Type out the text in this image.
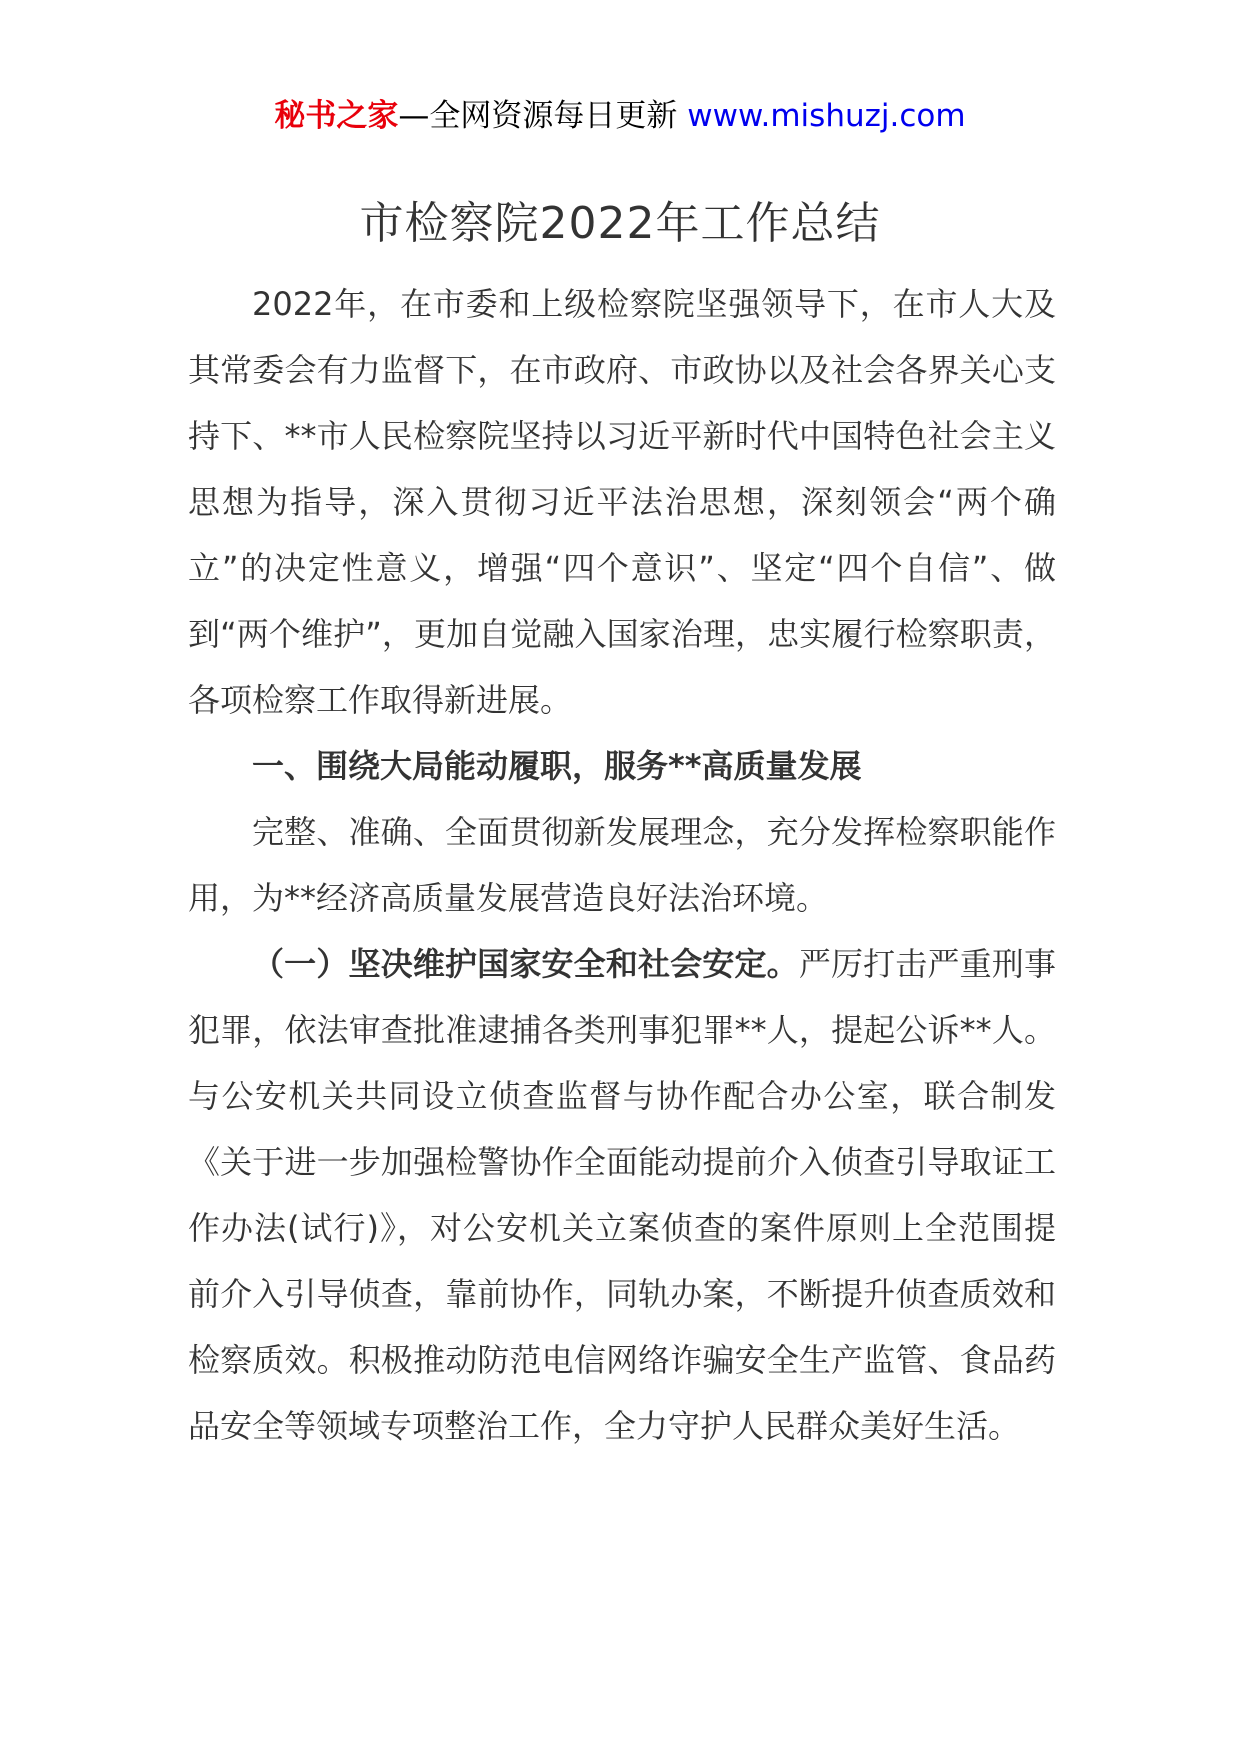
秘书之家—全网资源每日更新 www.mishuzj.com
市检察院2022年工作总结

2022年，在市委和上级检察院坚强领导下，在市人大及其常委会有力监督下，在市政府、市政协以及社会各界关心支持下、**市人民检察院坚持以习近平新时代中国特色社会主义思想为指导，深入贯彻习近平法治思想，深刻领会“两个确立”的决定性意义，增强“四个意识”、坚定“四个自信”、做到“两个维护”，更加自觉融入国家治理，忠实履行检察职责，各项检察工作取得新进展。

一、围绕大局能动履职，服务**高质量发展

完整、准确、全面贯彻新发展理念，充分发挥检察职能作用，为**经济高质量发展营造良好法治环境。

（一）坚决维护国家安全和社会安定。严厉打击严重刑事犯罪，依法审查批准逮捕各类刑事犯罪**人，提起公诉**人。与公安机关共同设立侦查监督与协作配合办公室，联合制发《关于进一步加强检警协作全面能动提前介入侦查引导取证工作办法(试行)》，对公安机关立案侦查的案件原则上全范围提前介入引导侦查，靠前协作，同轨办案，不断提升侦查质效和检察质效。积极推动防范电信网络诈骗安全生产监管、食品药品安全等领域专项整治工作，全力守护人民群众美好生活。
